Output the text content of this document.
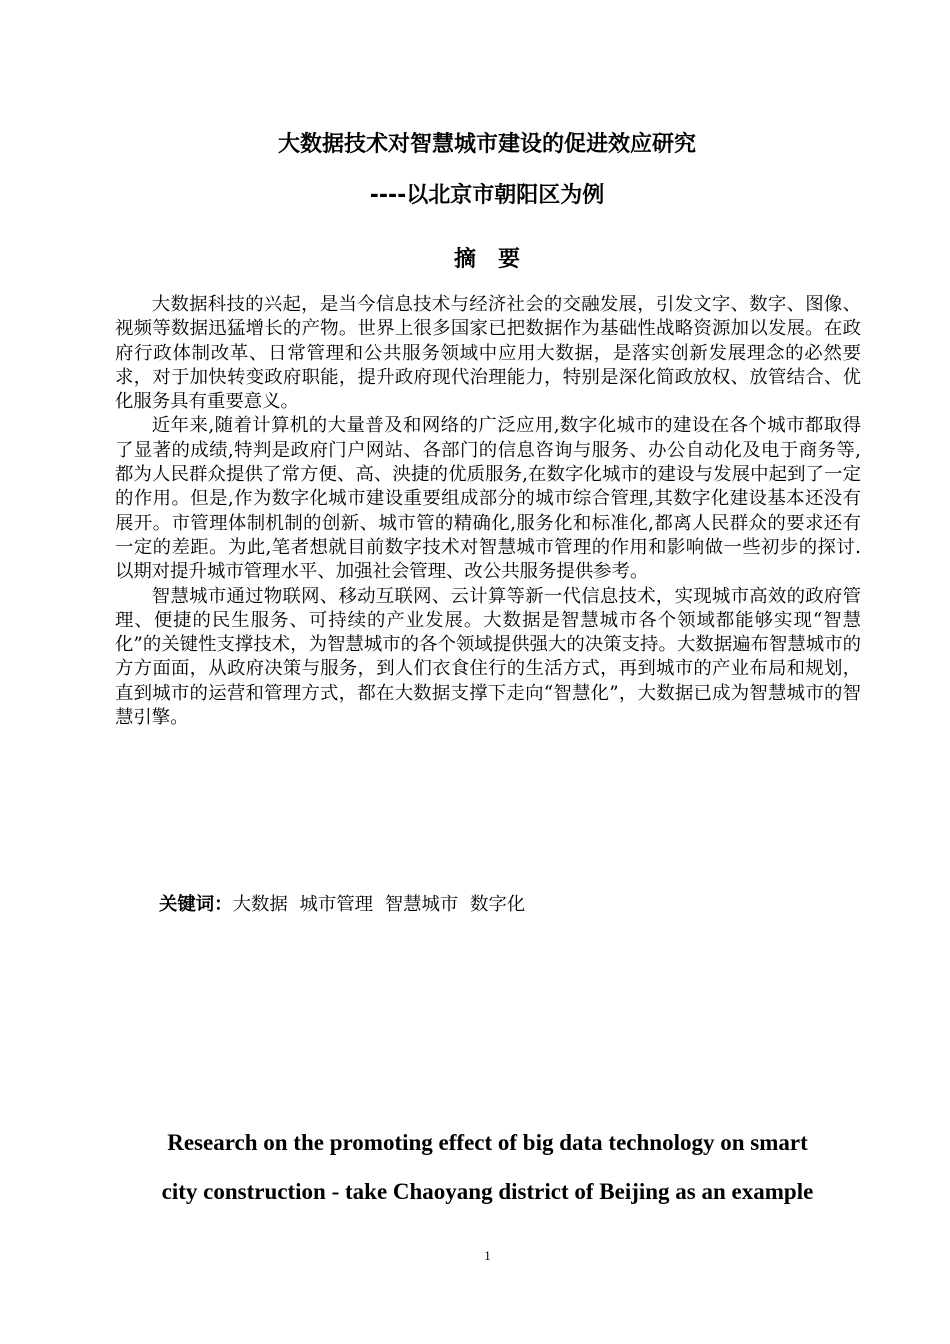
大数据技术对智慧城市建设的促进效应研究
----以北京市朝阳区为例
摘　要

大数据科技的兴起，是当今信息技术与经济社会的交融发展，引发文字、数字、图像、视频等数据迅猛增长的产物。世界上很多国家已把数据作为基础性战略资源加以发展。在政府行政体制改革、日常管理和公共服务领域中应用大数据，是落实创新发展理念的必然要求，对于加快转变政府职能，提升政府现代治理能力，特别是深化简政放权、放管结合、优化服务具有重要意义。

近年来,随着计算机的大量普及和网络的广泛应用,数字化城市的建设在各个城市都取得了显著的成绩,特判是政府门户网站、各部门的信息咨询与服务、办公自动化及电于商务等,都为人民群众提供了常方便、高、泱捷的优质服务,在数字化城市的建设与发展中起到了一定的作用。但是,作为数字化城市建设重要组成部分的城市综合管理,其数字化建设基本还没有展开。市管理体制机制的创新、城市管的精确化,服务化和标准化,都离人民群众的要求还有一定的差距。为此,笔者想就目前数字技术对智慧城市管理的作用和影响做一些初步的探讨.以期对提升城市管理水平、加强社会管理、改公共服务提供参考。

智慧城市通过物联网、移动互联网、云计算等新一代信息技术，实现城市高效的政府管理、便捷的民生服务、可持续的产业发展。大数据是智慧城市各个领域都能够实现“智慧化”的关键性支撑技术，为智慧城市的各个领域提供强大的决策支持。大数据遍布智慧城市的方方面面，从政府决策与服务，到人们衣食住行的生活方式，再到城市的产业布局和规划，直到城市的运营和管理方式，都在大数据支撑下走向“智慧化”，大数据已成为智慧城市的智慧引擎。

关键词：大数据  城市管理  智慧城市  数字化
Research on the promoting effect of big data technology on smart
city construction - take Chaoyang district of Beijing as an example
1
